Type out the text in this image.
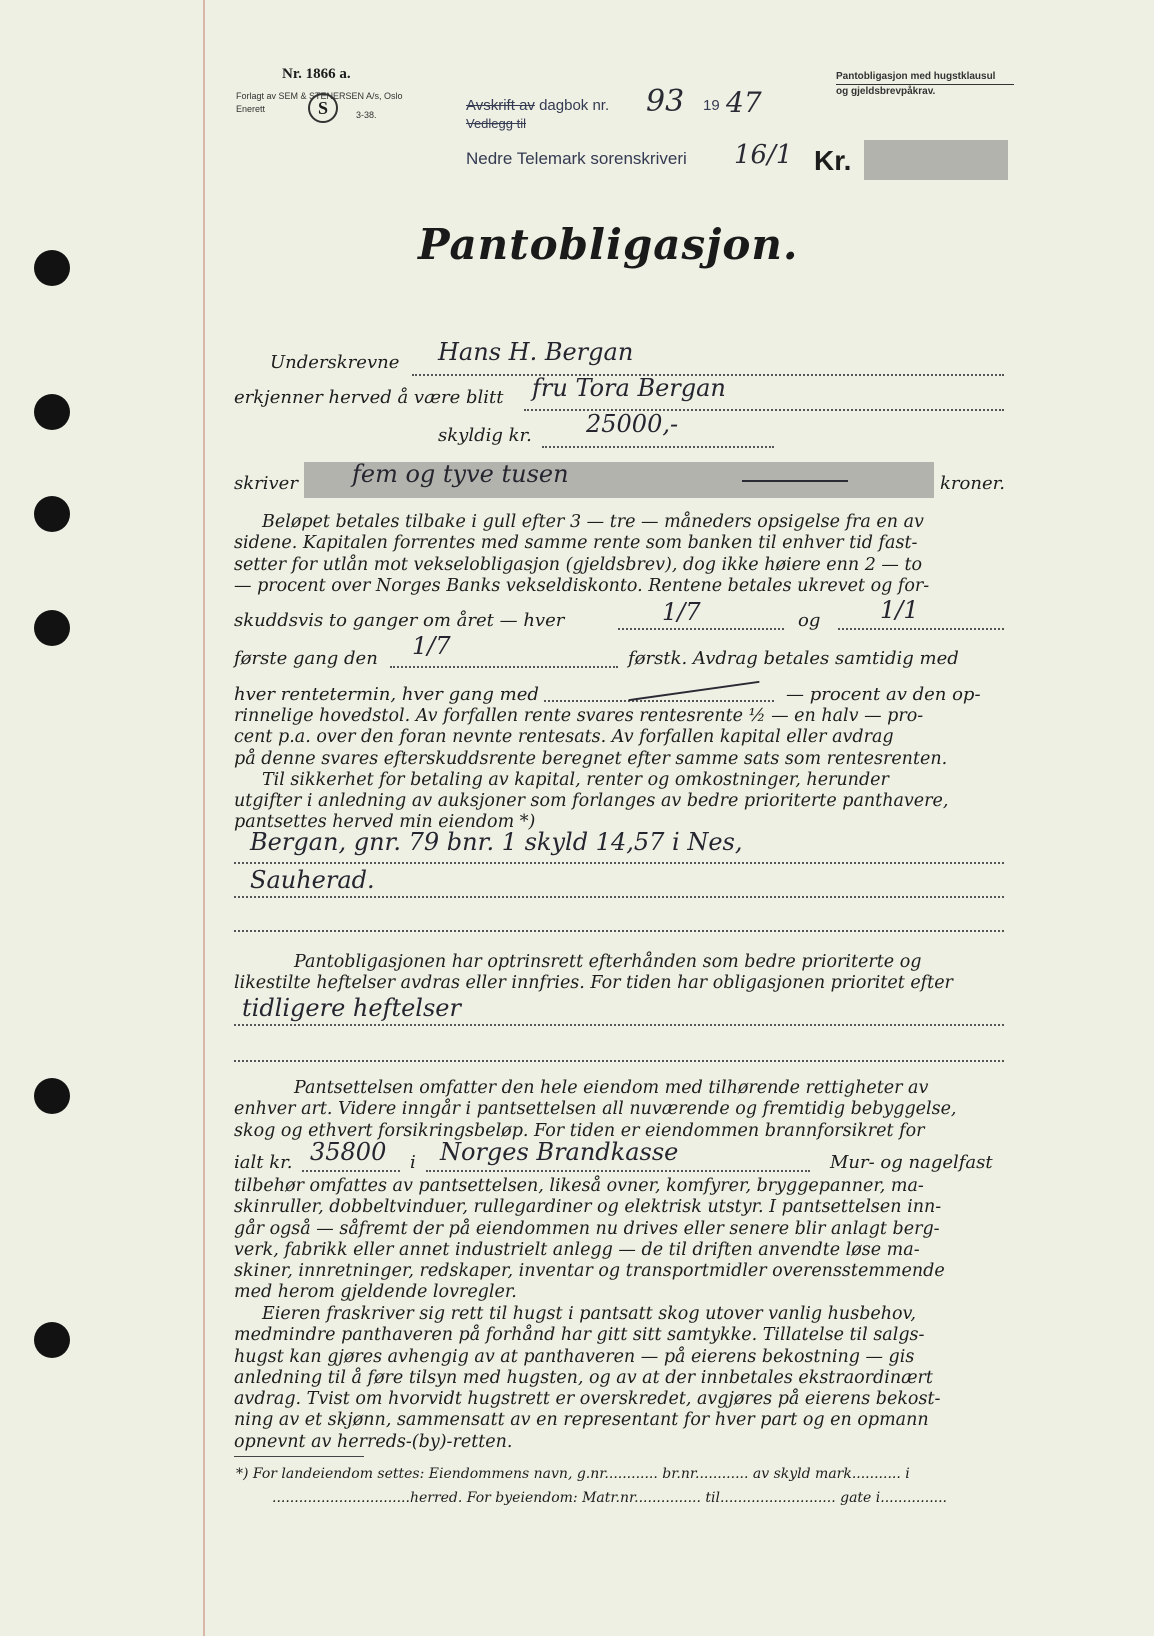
Nr. 1866 a.
Forlagt av SEM & STENERSEN A/s, Oslo
Enerett	S	3-38.
Avskrift av dagbok nr.
Vedlegg til
93 19 47
Nedre Telemark sorenskriveri 16/1 Kr.
Pantobligasjon med hugstklausul
og gjeldsbrevpåkrav.
Pantobligasjon.
Underskrevne Hans H. Bergan
erkjenner herved å være blitt fru Tora Bergan
skyldig kr. 25000,-
skriver fem og tyve tusen	kroner.
Beløpet betales tilbake i gull efter 3 — tre — måneders opsigelse fra en av
sidene. Kapitalen forrentes med samme rente som banken til enhver tid fast-
setter for utlån mot vekselobligasjon (gjeldsbrev), dog ikke høiere enn 2 — to
— procent over Norges Banks vekseldiskonto. Rentene betales ukrevet og for-
skuddsvis to ganger om året — hver	1/7	og 1/1
første gang den 1/7	førstk. Avdrag betales samtidig med
hver rentetermin, hver gang med	— procent av den op-
rinnelige hovedstol. Av forfallen rente svares rentesrente ½ — en halv — pro-
cent p.a. over den foran nevnte rentesats. Av forfallen kapital eller avdrag
på denne svares efterskuddsrente beregnet efter samme sats som rentesrenten.
Til sikkerhet for betaling av kapital, renter og omkostninger, herunder
utgifter i anledning av auksjoner som forlanges av bedre prioriterte panthavere,
pantsettes herved min eiendom *)
Bergan, gnr. 79 bnr. 1 skyld 14,57 i Nes,
Sauherad.
Pantobligasjonen har optrinsrett efterhånden som bedre prioriterte og
likestilte heftelser avdras eller innfries. For tiden har obligasjonen prioritet efter
tidligere heftelser
Pantsettelsen omfatter den hele eiendom med tilhørende rettigheter av
enhver art. Videre inngår i pantsettelsen all nuværende og fremtidig bebyggelse,
skog og ethvert forsikringsbeløp. For tiden er eiendommen brannforsikret for
ialt kr. 35800 i Norges Brandkasse	Mur- og nagelfast
tilbehør omfattes av pantsettelsen, likeså ovner, komfyrer, bryggepanner, ma-
skinruller, dobbeltvinduer, rullegardiner og elektrisk utstyr. I pantsettelsen inn-
går også — såfremt der på eiendommen nu drives eller senere blir anlagt berg-
verk, fabrikk eller annet industrielt anlegg — de til driften anvendte løse ma-
skiner, innretninger, redskaper, inventar og transportmidler overensstemmende
med herom gjeldende lovregler.
Eieren fraskriver sig rett til hugst i pantsatt skog utover vanlig husbehov,
medmindre panthaveren på forhånd har gitt sitt samtykke. Tillatelse til salgs-
hugst kan gjøres avhengig av at panthaveren — på eierens bekostning — gis
anledning til å føre tilsyn med hugsten, og av at der innbetales ekstraordinært
avdrag. Tvist om hvorvidt hugstrett er overskredet, avgjøres på eierens bekost-
ning av et skjønn, sammensatt av en representant for hver part og en opmann
opnevnt av herreds-(by)-retten.
*) For landeiendom settes: Eiendommens navn, g.nr............ br.nr............ av skyld mark........... i
...............................herred. For byeiendom: Matr.nr............... til.......................... gate i...............
